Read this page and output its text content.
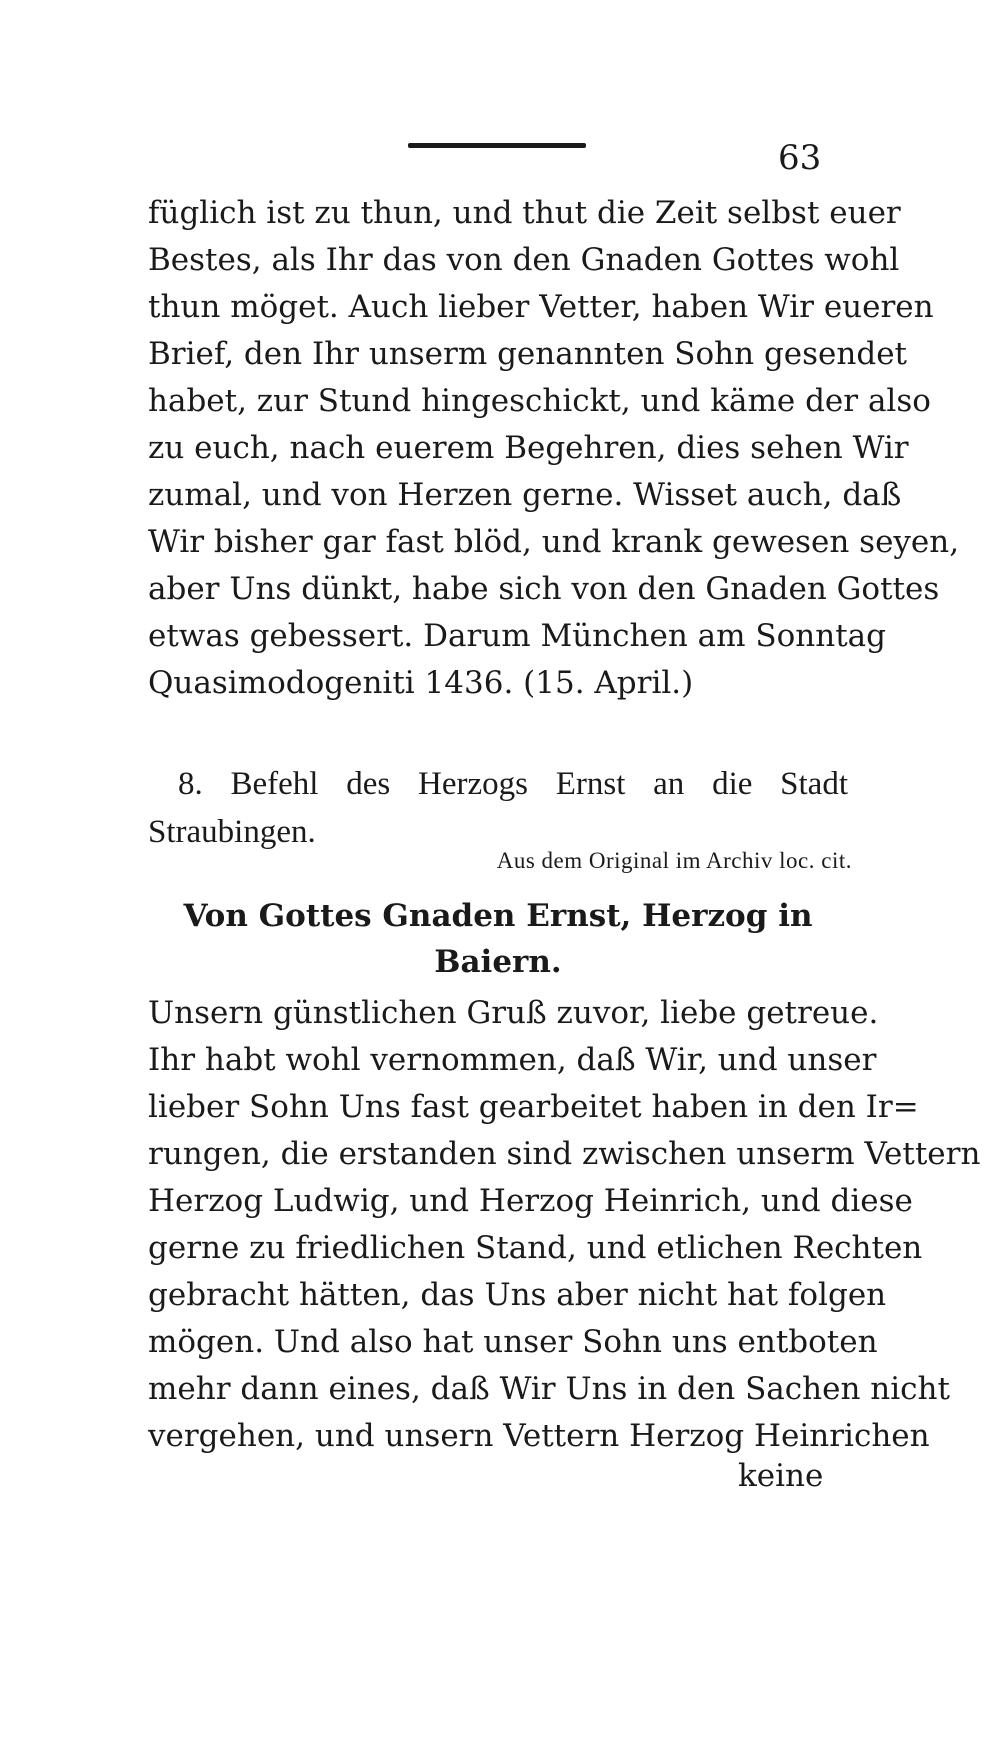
63
füglich ist zu thun, und thut die Zeit selbst euer
Bestes, als Ihr das von den Gnaden Gottes wohl
thun möget. Auch lieber Vetter, haben Wir eueren
Brief, den Ihr unserm genannten Sohn gesendet
habet, zur Stund hingeschickt, und käme der also
zu euch, nach euerem Begehren, dies sehen Wir
zumal, und von Herzen gerne. Wisset auch, daß
Wir bisher gar fast blöd, und krank gewesen seyen,
aber Uns dünkt, habe sich von den Gnaden Gottes
etwas gebessert. Darum München am Sonntag
Quasimodogeniti 1436. (15. April.)
8. Befehl des Herzogs Ernst an die Stadt
Straubingen.
Aus dem Original im Archiv loc. cit.
Von Gottes Gnaden Ernst, Herzog in
Baiern.
Unsern günstlichen Gruß zuvor, liebe getreue.
Ihr habt wohl vernommen, daß Wir, und unser
lieber Sohn Uns fast gearbeitet haben in den Ir=
rungen, die erstanden sind zwischen unserm Vettern
Herzog Ludwig, und Herzog Heinrich, und diese
gerne zu friedlichen Stand, und etlichen Rechten
gebracht hätten, das Uns aber nicht hat folgen
mögen. Und also hat unser Sohn uns entboten
mehr dann eines, daß Wir Uns in den Sachen nicht
vergehen, und unsern Vettern Herzog Heinrichen
keine
